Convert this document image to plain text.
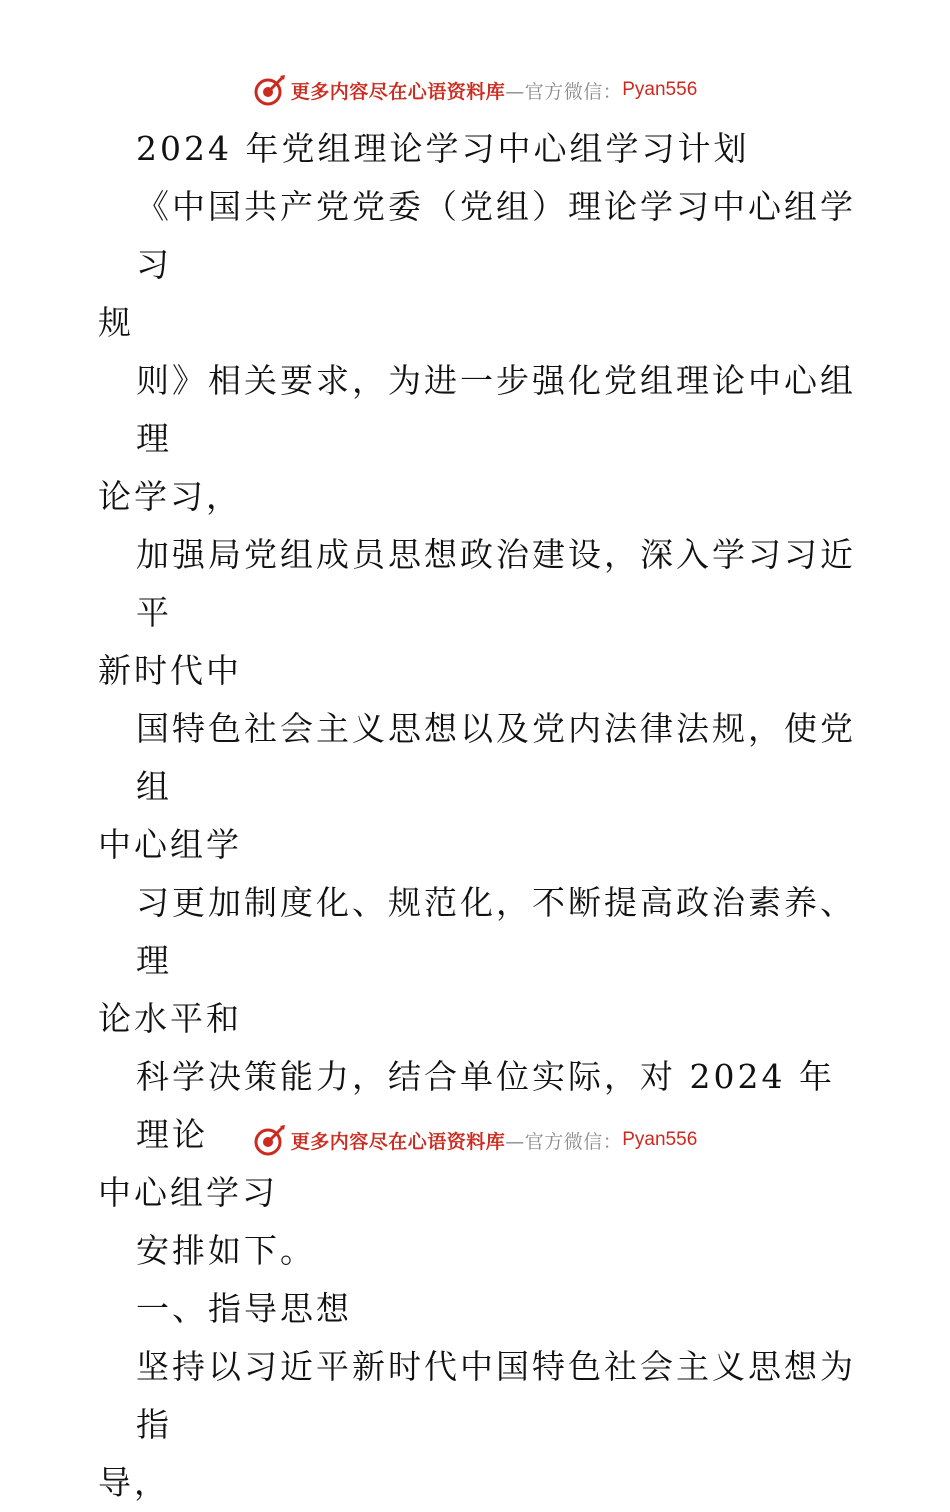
更多内容尽在心语资料库 —官方微信： Pyan556

2024 年党组理论学习中心组学习计划

《中国共产党党委（党组）理论学习中心组学习

规

则》相关要求，为进一步强化党组理论中心组理

论学习，

加强局党组成员思想政治建设，深入学习习近平

新时代中

国特色社会主义思想以及党内法律法规，使党组

中心组学

习更加制度化、规范化，不断提高政治素养、理

论水平和

科学决策能力，结合单位实际，对 2024 年理论

中心组学习

安排如下。

一、指导思想

坚持以习近平新时代中国特色社会主义思想为指

导，

更多内容尽在心语资料库 —官方微信： Pyan556
